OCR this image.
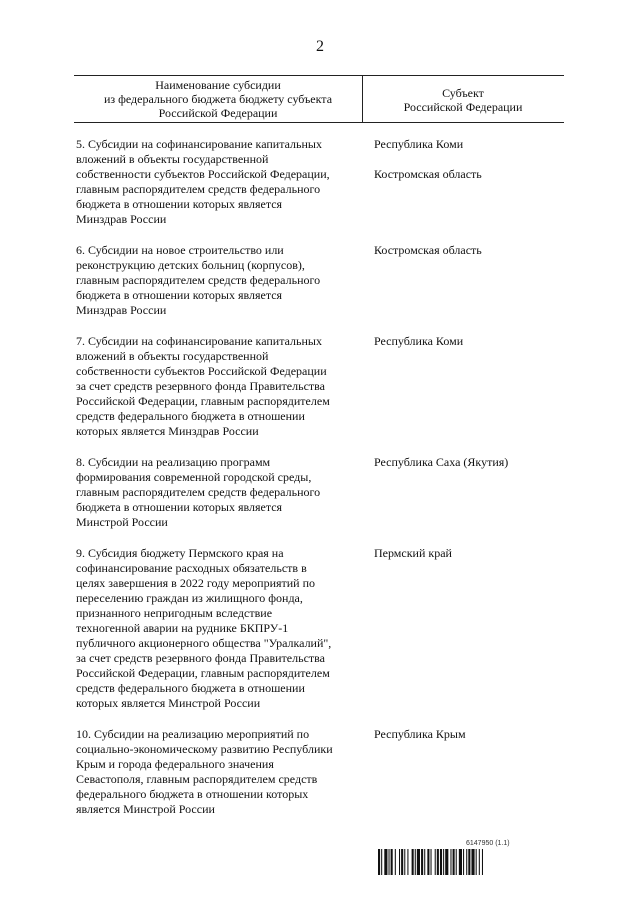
2
Наименование субсидии
из федерального бюджета бюджету субъекта
Российской Федерации
Субъект
Российской Федерации
5. Субсидии на софинансирование капитальных
вложений в объекты государственной
собственности субъектов Российской Федерации,
главным распорядителем средств федерального
бюджета в отношении которых является
Минздрав России
Республика Коми
Костромская область
6. Субсидии на новое строительство или
реконструкцию детских больниц (корпусов),
главным распорядителем средств федерального
бюджета в отношении которых является
Минздрав России
Костромская область
7. Субсидии на софинансирование капитальных
вложений в объекты государственной
собственности субъектов Российской Федерации
за счет средств резервного фонда Правительства
Российской Федерации, главным распорядителем
средств федерального бюджета в отношении
которых является Минздрав России
Республика Коми
8. Субсидии на реализацию программ
формирования современной городской среды,
главным распорядителем средств федерального
бюджета в отношении которых является
Минстрой России
Республика Саха (Якутия)
9. Субсидия бюджету Пермского края на
софинансирование расходных обязательств в
целях завершения в 2022 году мероприятий по
переселению граждан из жилищного фонда,
признанного непригодным вследствие
техногенной аварии на руднике БКПРУ-1
публичного акционерного общества "Уралкалий",
за счет средств резервного фонда Правительства
Российской Федерации, главным распорядителем
средств федерального бюджета в отношении
которых является Минстрой России
Пермский край
10. Субсидии на реализацию мероприятий по
социально-экономическому развитию Республики
Крым и города федерального значения
Севастополя, главным распорядителем средств
федерального бюджета в отношении которых
является Минстрой России
Республика Крым
6147950 (1.1)
